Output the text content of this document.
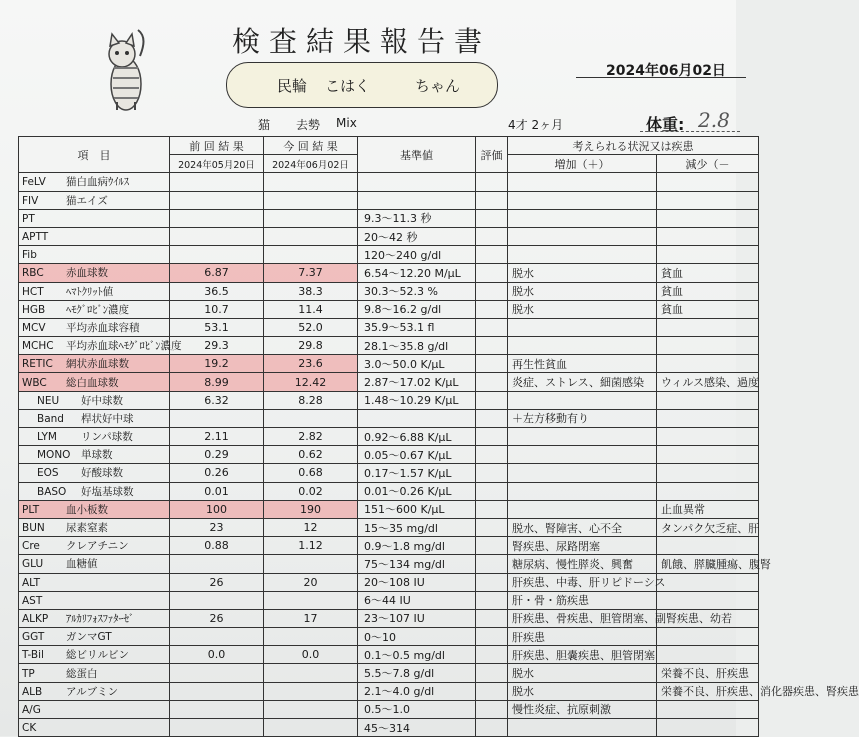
検査結果報告書
民輪 こはく	ちゃん
2024年06月02日
猫 去勢 Mix	4才 2ヶ月	体重: 2.8
項　目	前 回 結 果	今 回 結 果	基準値	評価	考えられる状況又は疾患	
	2024年05月20日	2024年06月02日			増加（＋）	減少（－
FeLV 猫白血病ｳｲﾙｽ						
FIV 猫エイズ						
PT			9.3～11.3 秒			
APTT			20～42 秒			
Fib			120～240 g/dl			
RBC 赤血球数	6.87	7.37	6.54～12.20 M/μL		脱水	貧血
HCT ﾍﾏﾄｸﾘｯﾄ値	36.5	38.3	30.3～52.3 %		脱水	貧血
HGB ﾍﾓｸﾞﾛﾋﾞﾝ濃度	10.7	11.4	9.8～16.2 g/dl		脱水	貧血
MCV 平均赤血球容積	53.1	52.0	35.9～53.1 fl			
MCHC 平均赤血球ﾍﾓｸﾞﾛﾋﾞﾝ濃度	29.3	29.8	28.1～35.8 g/dl			
RETIC 網状赤血球数	19.2	23.6	3.0～50.0 K/μL		再生性貧血	
WBC 総白血球数	8.99	12.42	2.87～17.02 K/μL		炎症、ストレス、細菌感染	ウィルス感染、過度
NEU 好中球数	6.32	8.28	1.48～10.29 K/μL			
Band 桿状好中球					＋左方移動有り	
LYM リンパ球数	2.11	2.82	0.92～6.88 K/μL			
MONO 単球数	0.29	0.62	0.05～0.67 K/μL			
EOS 好酸球数	0.26	0.68	0.17～1.57 K/μL			
BASO 好塩基球数	0.01	0.02	0.01～0.26 K/μL			
PLT 血小板数	100	190	151～600 K/μL			止血異常
BUN 尿素窒素	23	12	15～35 mg/dl		脱水、腎障害、心不全	タンパク欠乏症、肝
Cre クレアチニン	0.88	1.12	0.9～1.8 mg/dl		腎疾患、尿路閉塞	
GLU 血糖値			75～134 mg/dl		糖尿病、慢性膵炎、興奮	飢餓、膵臓腫瘍、腹腎
ALT	26	20	20～108 IU		肝疾患、中毒、肝リピドーシス	
AST			6～44 IU		肝・骨・筋疾患	
ALKP ｱﾙｶﾘﾌｫｽﾌｧﾀｰｾﾞ	26	17	23～107 IU		肝疾患、骨疾患、胆管閉塞、副腎疾患、幼若	
GGT ガンマGT			0～10		肝疾患	
T-Bil 総ビリルビン	0.0	0.0	0.1～0.5 mg/dl		肝疾患、胆嚢疾患、胆管閉塞	
TP 総蛋白			5.5～7.8 g/dl		脱水	栄養不良、肝疾患
ALB アルブミン			2.1～4.0 g/dl		脱水	栄養不良、肝疾患、消化器疾患、腎疾患
A/G			0.5～1.0		慢性炎症、抗原刺激	
CK			45～314			
